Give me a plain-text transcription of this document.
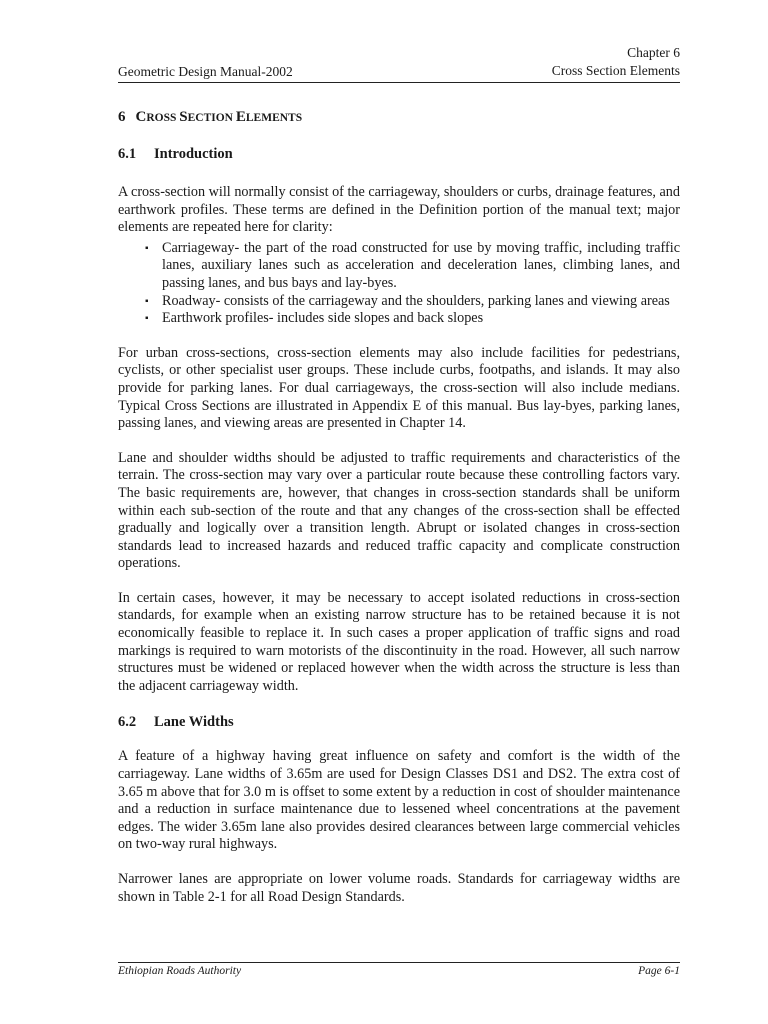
Geometric Design Manual-2002
Chapter 6
Cross Section Elements
6 CROSS SECTION ELEMENTS
6.1 Introduction

A cross-section will normally consist of the carriageway, shoulders or curbs, drainage features, and earthwork profiles. These terms are defined in the Definition portion of the manual text; major elements are repeated here for clarity:

▪ Carriageway- the part of the road constructed for use by moving traffic, including traffic lanes, auxiliary lanes such as acceleration and deceleration lanes, climbing lanes, and passing lanes, and bus bays and lay-byes.
▪ Roadway- consists of the carriageway and the shoulders, parking lanes and viewing areas
▪ Earthwork profiles- includes side slopes and back slopes

For urban cross-sections, cross-section elements may also include facilities for pedestrians, cyclists, or other specialist user groups. These include curbs, footpaths, and islands. It may also provide for parking lanes. For dual carriageways, the cross-section will also include medians. Typical Cross Sections are illustrated in Appendix E of this manual. Bus lay-byes, parking lanes, passing lanes, and viewing areas are presented in Chapter 14.

Lane and shoulder widths should be adjusted to traffic requirements and characteristics of the terrain. The cross-section may vary over a particular route because these controlling factors vary. The basic requirements are, however, that changes in cross-section standards shall be uniform within each sub-section of the route and that any changes of the cross-section shall be effected gradually and logically over a transition length. Abrupt or isolated changes in cross-section standards lead to increased hazards and reduced traffic capacity and complicate construction operations.

In certain cases, however, it may be necessary to accept isolated reductions in cross-section standards, for example when an existing narrow structure has to be retained because it is not economically feasible to replace it. In such cases a proper application of traffic signs and road markings is required to warn motorists of the discontinuity in the road. However, all such narrow structures must be widened or replaced however when the width across the structure is less than the adjacent carriageway width.

6.2 Lane Widths

A feature of a highway having great influence on safety and comfort is the width of the carriageway. Lane widths of 3.65m are used for Design Classes DS1 and DS2. The extra cost of 3.65 m above that for 3.0 m is offset to some extent by a reduction in cost of shoulder maintenance and a reduction in surface maintenance due to lessened wheel concentrations at the pavement edges. The wider 3.65m lane also provides desired clearances between large commercial vehicles on two-way rural highways.

Narrower lanes are appropriate on lower volume roads. Standards for carriageway widths are shown in Table 2-1 for all Road Design Standards.

Ethiopian Roads Authority	Page 6-1
